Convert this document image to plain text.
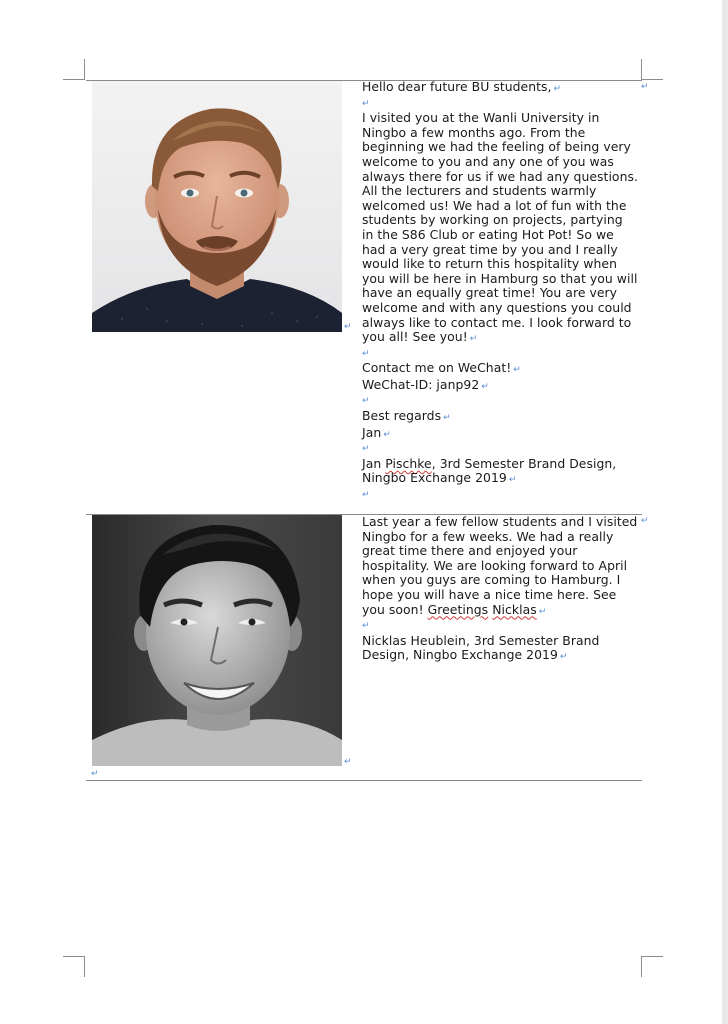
↵
↵
↵
↵
↵

Hello dear future BU students, ↵

↵

I visited you at the Wanli University in Ningbo a few months ago. From the beginning we had the feeling of being very welcome to you and any one of you was always there for us if we had any questions. All the lecturers and students warmly welcomed us! We had a lot of fun with the students by working on projects, partying in the S86 Club or eating Hot Pot! So we had a very great time by you and I really would like to return this hospitality when you will be here in Hamburg so that you will have an equally great time! You are very welcome and with any questions you could always like to contact me. I look forward to you all! See you! ↵

↵

Contact me on WeChat! ↵

WeChat-ID: janp92 ↵

↵

Best regards ↵

Jan ↵

↵

Jan Pischke, 3rd Semester Brand Design, Ningbo Exchange 2019 ↵

↵

Last year a few fellow students and I visited Ningbo for a few weeks. We had a really great time there and enjoyed your hospitality. We are looking forward to April when you guys are coming to Hamburg. I hope you will have a nice time here. See you soon! Greetings Nicklas ↵

↵

Nicklas Heublein, 3rd Semester Brand Design, Ningbo Exchange 2019 ↵
